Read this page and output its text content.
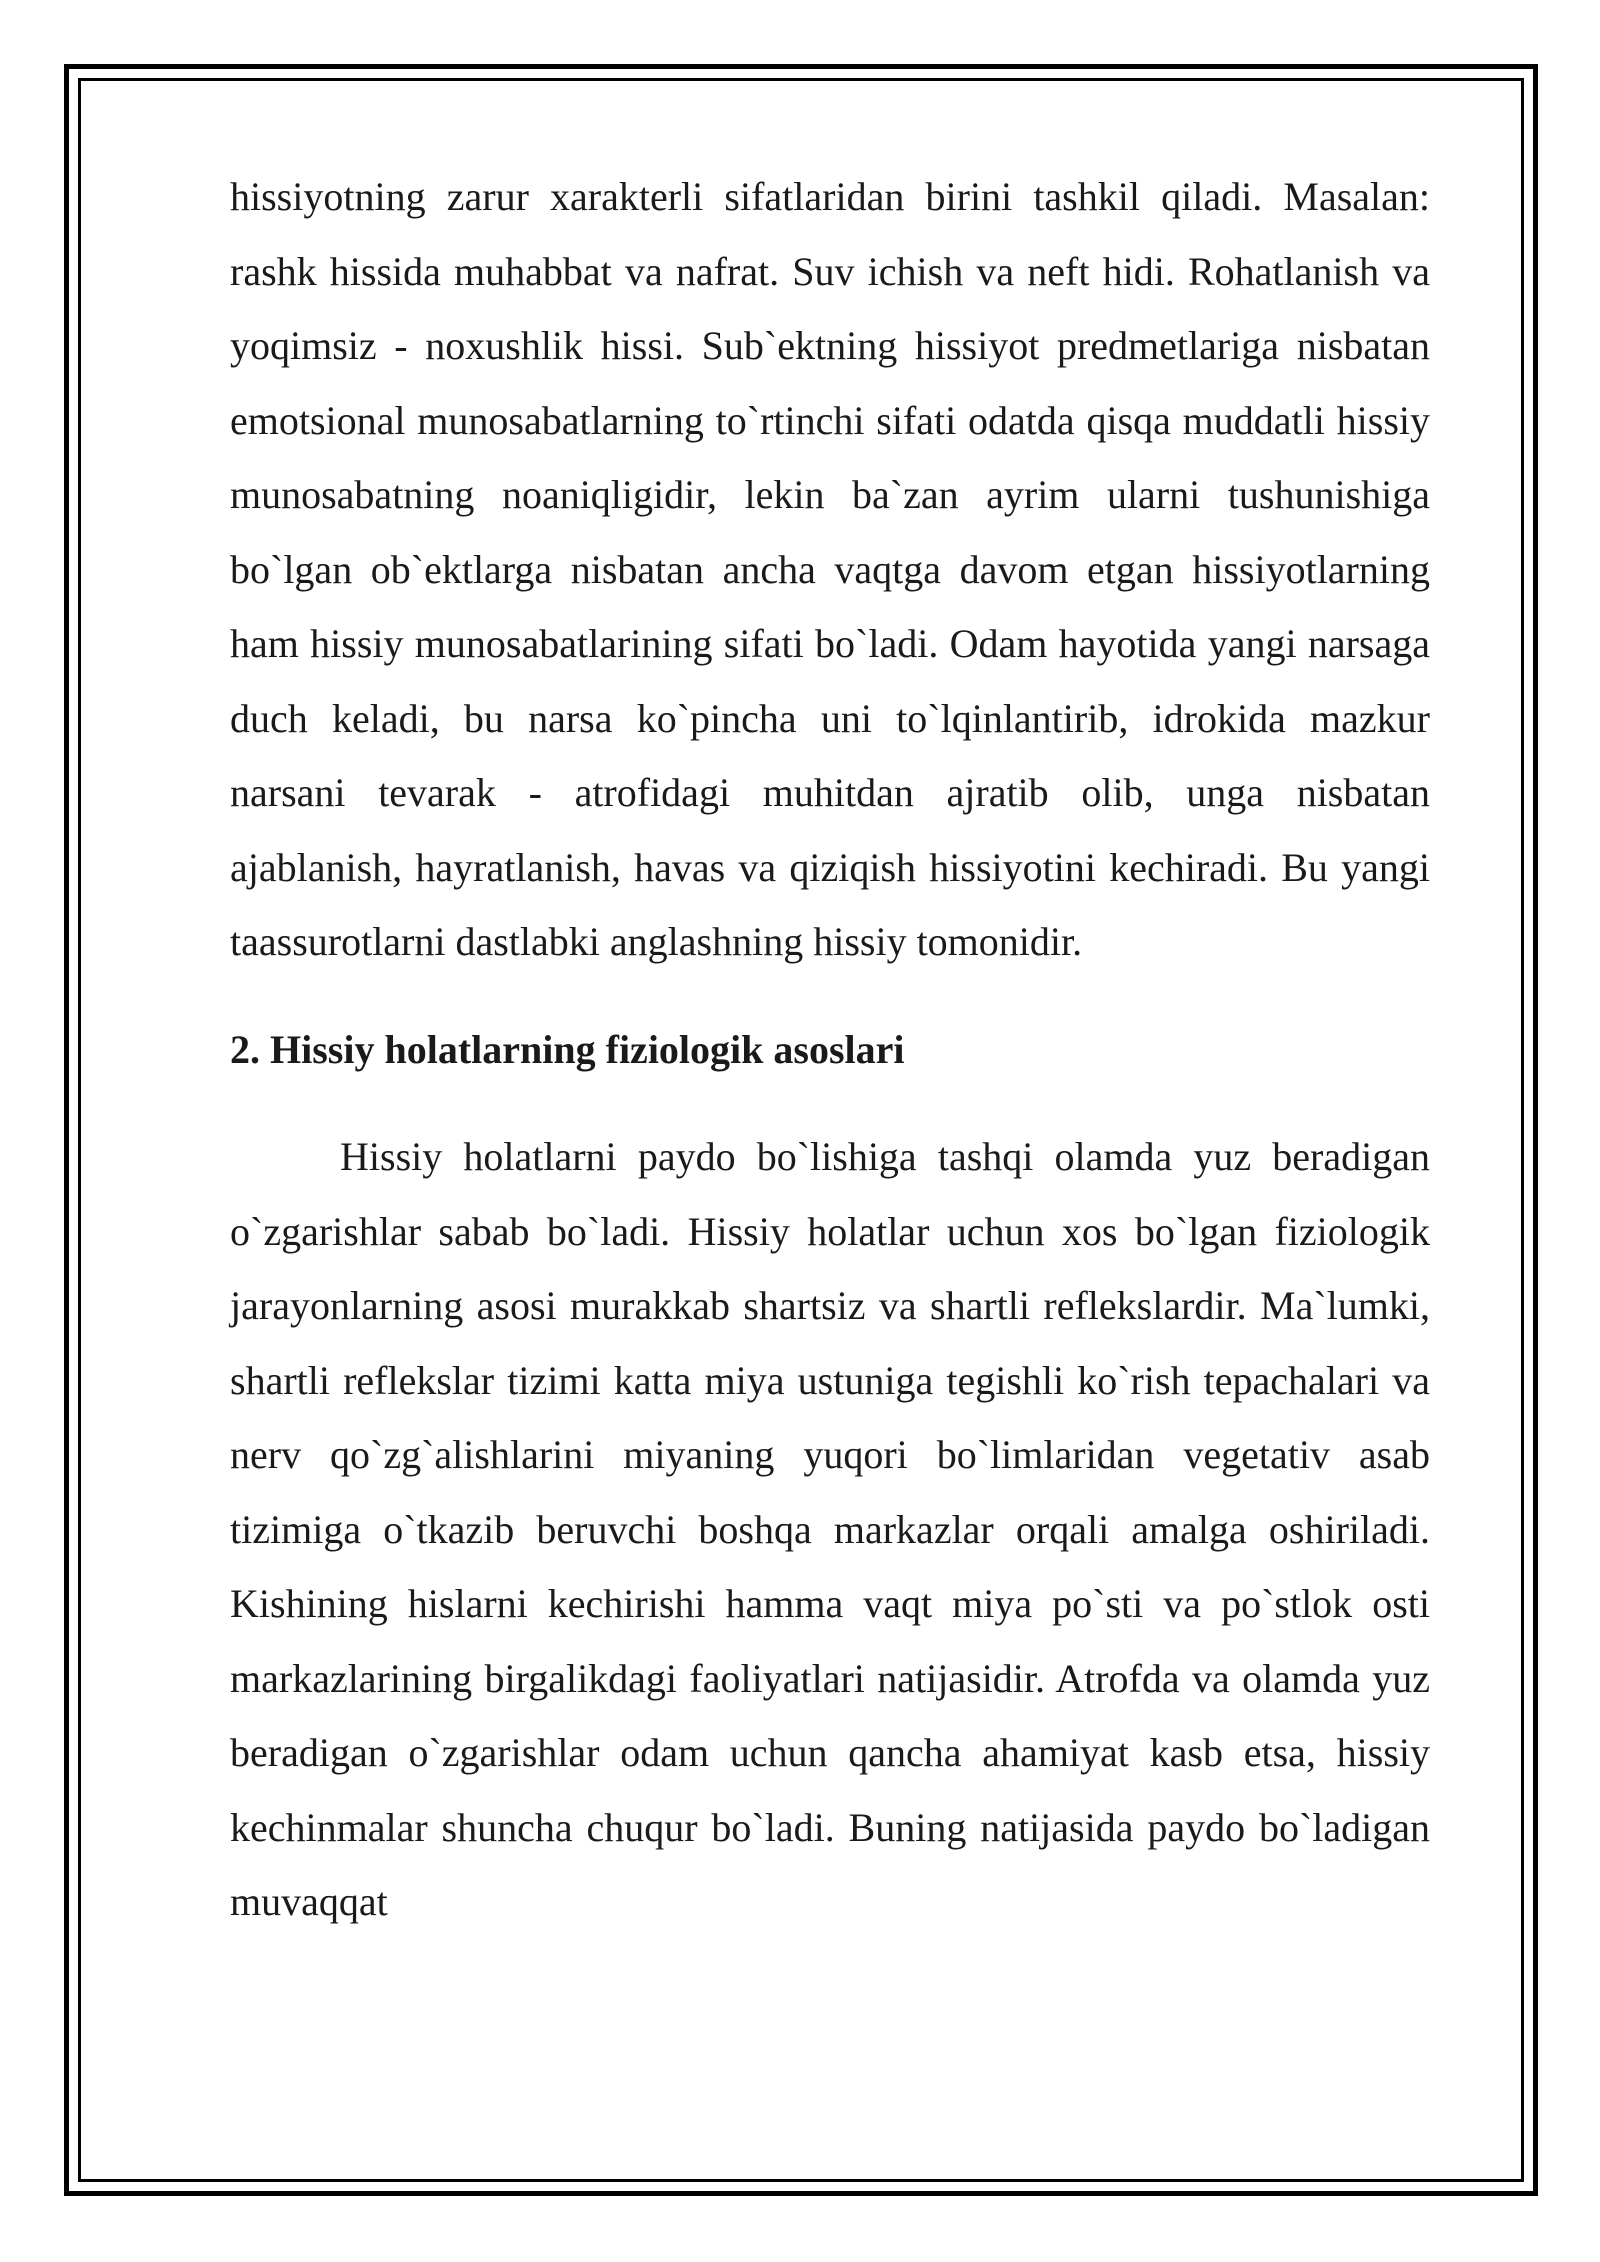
hissiyotning zarur xarakterli sifatlaridan birini tashkil qiladi. Masalan: rashk hissida muhabbat va nafrat. Suv ichish va neft hidi. Rohatlanish va yoqimsiz - noxushlik hissi. Sub`ektning hissiyot predmetlariga nisbatan emotsional munosabatlarning to`rtinchi sifati odatda qisqa muddatli hissiy munosabatning noaniqligidir, lekin ba`zan ayrim ularni tushunishiga bo`lgan ob`ektlarga nisbatan ancha vaqtga davom etgan hissiyotlarning ham hissiy munosabatlarining sifati bo`ladi. Odam hayotida yangi narsaga duch keladi, bu narsa ko`pincha uni to`lqinlantirib, idrokida mazkur narsani tevarak - atrofidagi muhitdan ajratib olib, unga nisbatan ajablanish, hayratlanish, havas va qiziqish hissiyotini kechiradi. Bu yangi taassurotlarni dastlabki anglashning hissiy tomonidir.

2. Hissiy holatlarning fiziologik asoslari

Hissiy holatlarni paydo bo`lishiga tashqi olamda yuz beradigan o`zgarishlar sabab bo`ladi. Hissiy holatlar uchun xos bo`lgan fiziologik jarayonlarning asosi murakkab shartsiz va shartli reflekslardir. Ma`lumki, shartli reflekslar tizimi katta miya ustuniga tegishli ko`rish tepachalari va nerv qo`zg`alishlarini miyaning yuqori bo`limlaridan vegetativ asab tizimiga o`tkazib beruvchi boshqa markazlar orqali amalga oshiriladi. Kishining hislarni kechirishi hamma vaqt miya po`sti va po`stlok osti markazlarining birgalikdagi faoliyatlari natijasidir. Atrofda va olamda yuz beradigan o`zgarishlar odam uchun qancha ahamiyat kasb etsa, hissiy kechinmalar shuncha chuqur bo`ladi. Buning natijasida paydo bo`ladigan muvaqqat
